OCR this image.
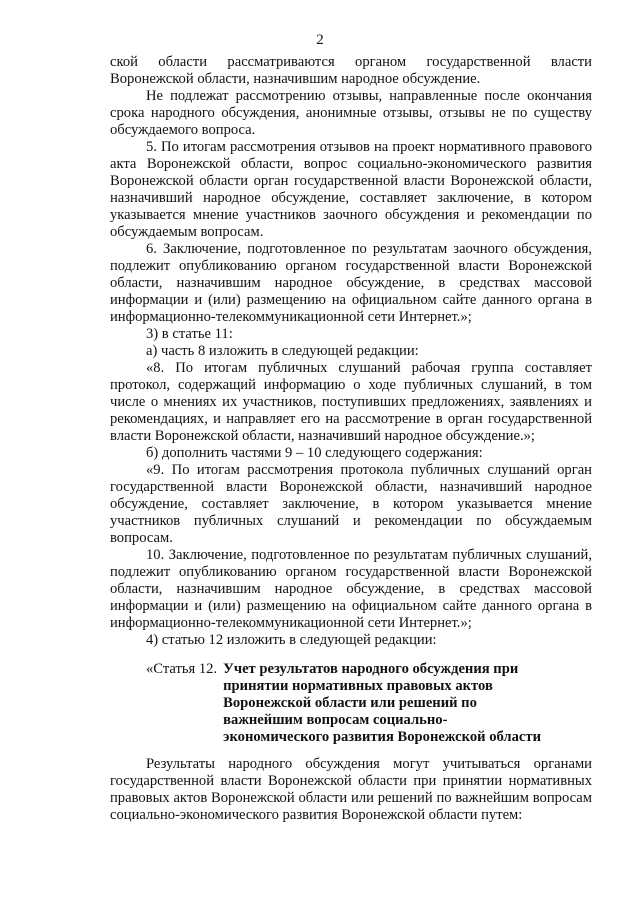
2

ской области рассматриваются органом государственной власти Воронежской области, назначившим народное обсуждение.

Не подлежат рассмотрению отзывы, направленные после окончания срока народного обсуждения, анонимные отзывы, отзывы не по существу обсуждаемого вопроса.

5. По итогам рассмотрения отзывов на проект нормативного правового акта Воронежской области, вопрос социально-экономического развития Воронежской области орган государственной власти Воронежской области, назначивший народное обсуждение, составляет заключение, в котором указывается мнение участников заочного обсуждения и рекомендации по обсуждаемым вопросам.

6. Заключение, подготовленное по результатам заочного обсуждения, подлежит опубликованию органом государственной власти Воронежской области, назначившим народное обсуждение, в средствах массовой информации и (или) размещению на официальном сайте данного органа в информационно-телекоммуникационной сети Интернет.»;

3) в статье 11:

а) часть 8 изложить в следующей редакции:

«8. По итогам публичных слушаний рабочая группа составляет протокол, содержащий информацию о ходе публичных слушаний, в том числе о мнениях их участников, поступивших предложениях, заявлениях и рекомендациях, и направляет его на рассмотрение в орган государственной власти Воронежской области, назначивший народное обсуждение.»;

б) дополнить частями 9 – 10 следующего содержания:

«9. По итогам рассмотрения протокола публичных слушаний орган государственной власти Воронежской области, назначивший народное обсуждение, составляет заключение, в котором указывается мнение участников публичных слушаний и рекомендации по обсуждаемым вопросам.

10. Заключение, подготовленное по результатам публичных слушаний, подлежит опубликованию органом государственной власти Воронежской области, назначившим народное обсуждение, в средствах массовой информации и (или) размещению на официальном сайте данного органа в информационно-телекоммуникационной сети Интернет.»;

4) статью 12 изложить в следующей редакции:

«Статья 12. Учет результатов народного обсуждения при принятии нормативных правовых актов Воронежской области или решений по важнейшим вопросам социально-экономического развития Воронежской области

Результаты народного обсуждения могут учитываться органами государственной власти Воронежской области при принятии нормативных правовых актов Воронежской области или решений по важнейшим вопросам социально-экономического развития Воронежской области путем:
